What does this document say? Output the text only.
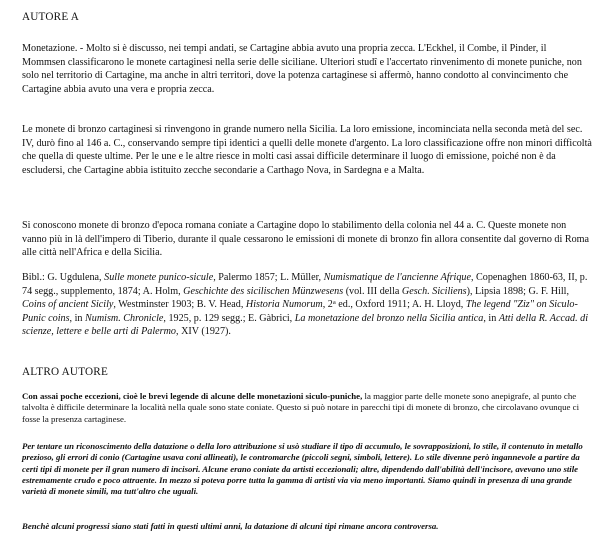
AUTORE A

Monetazione. - Molto si è discusso, nei tempi andati, se Cartagine abbia avuto una propria zecca. L'Eckhel, il Combe, il Pinder, il Mommsen classificarono le monete cartaginesi nella serie delle siciliane. Ulteriori studî e l'accertato rinvenimento di monete puniche, non solo nel territorio di Cartagine, ma anche in altri territori, dove la potenza cartaginese si affermò, hanno condotto al convincimento che Cartagine abbia avuto una vera e propria zecca.

Le monete di bronzo cartaginesi si rinvengono in grande numero nella Sicilia. La loro emissione, incominciata nella seconda metà del sec. IV, durò fino al 146 a. C., conservando sempre tipi identici a quelli delle monete d'argento. La loro classificazione offre non minori difficoltà che quella di queste ultime. Per le une e le altre riesce in molti casi assai difficile determinare il luogo di emissione, poiché non è da escludersi, che Cartagine abbia istituito zecche secondarie a Carthago Nova, in Sardegna e a Malta.

Si conoscono monete di bronzo d'epoca romana coniate a Cartagine dopo lo stabilimento della colonia nel 44 a. C. Queste monete non vanno più in là dell'impero di Tiberio, durante il quale cessarono le emissioni di monete di bronzo fin allora consentite dal governo di Roma alle città nell'Africa e della Sicilia.

Bibl.: G. Ugdulena, Sulle monete punico-sicule, Palermo 1857; L. Müller, Numismatique de l'ancienne Afrique, Copenaghen 1860-63, II, p. 74 segg., supplemento, 1874; A. Holm, Geschichte des sicilischen Münzwesens (vol. III della Gesch. Siciliens), Lipsia 1898; G. F. Hill, Coins of ancient Sicily, Westminster 1903; B. V. Head, Historia Numorum, 2$^a$ ed., Oxford 1911; A. H. Lloyd, The legend "Ziz" on Siculo-Punic coins, in Numism. Chronicle, 1925, p. 129 segg.; E. Gàbrici, La monetazione del bronzo nella Sicilia antica, in Atti della R. Accad. di scienze, lettere e belle arti di Palermo, XIV (1927).

ALTRO AUTORE

Con assai poche eccezioni, cioè le brevi legende di alcune delle monetazioni siculo-puniche, la maggior parte delle monete sono anepigrafe, al punto che talvolta è difficile determinare la località nella quale sono state coniate. Questo si può notare in parecchi tipi di monete di bronzo, che circolavano ovunque ci fosse la presenza cartaginese.

Per tentare un riconoscimento della datazione o della loro attribuzione si usò studiare il tipo di accumulo, le sovrapposizioni, lo stile, il contenuto in metallo prezioso, gli errori di conio (Cartagine usava coni allineati), le contromarche (piccoli segni, simboli, lettere). Lo stile divenne però ingannevole a partire da certi tipi di monete per il gran numero di incisori. Alcune erano coniate da artisti eccezionali; altre, dipendendo dall'abilità dell'incisore, avevano uno stile estremamente crudo e poco attraente. In mezzo si poteva porre tutta la gamma di artisti via via meno importanti. Siamo quindi in presenza di una grande varietà di monete simili, ma tutt'altro che uguali.

Benchè alcuni progressi siano stati fatti in questi ultimi anni, la datazione di alcuni tipi rimane ancora controversa.
